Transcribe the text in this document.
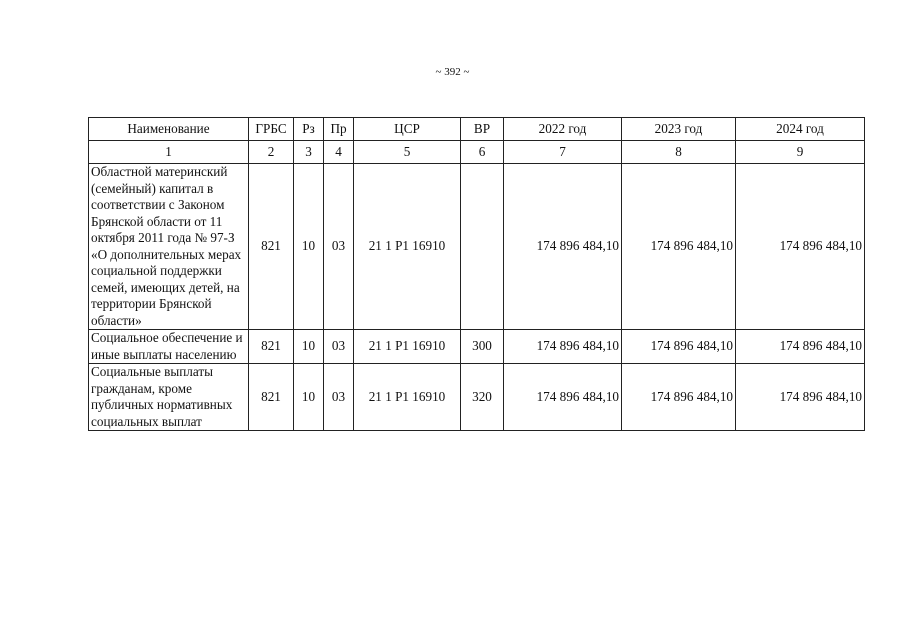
~ 392 ~
Наименование	ГРБС	Рз	Пр	ЦСР	ВР	2022 год	2023 год	2024 год
1	2	3	4	5	6	7	8	9
Областной материнский (семейный) капитал в соответствии с Законом Брянской области от 11 октября 2011 года № 97-З «О дополнительных мерах социальной поддержки семей, имеющих детей, на территории Брянской области»	821	10	03	21 1 Р1 16910		174 896 484,10	174 896 484,10	174 896 484,10
Социальное обеспечение и иные выплаты населению	821	10	03	21 1 Р1 16910	300	174 896 484,10	174 896 484,10	174 896 484,10
Социальные выплаты гражданам, кроме публичных нормативных социальных выплат	821	10	03	21 1 Р1 16910	320	174 896 484,10	174 896 484,10	174 896 484,10
